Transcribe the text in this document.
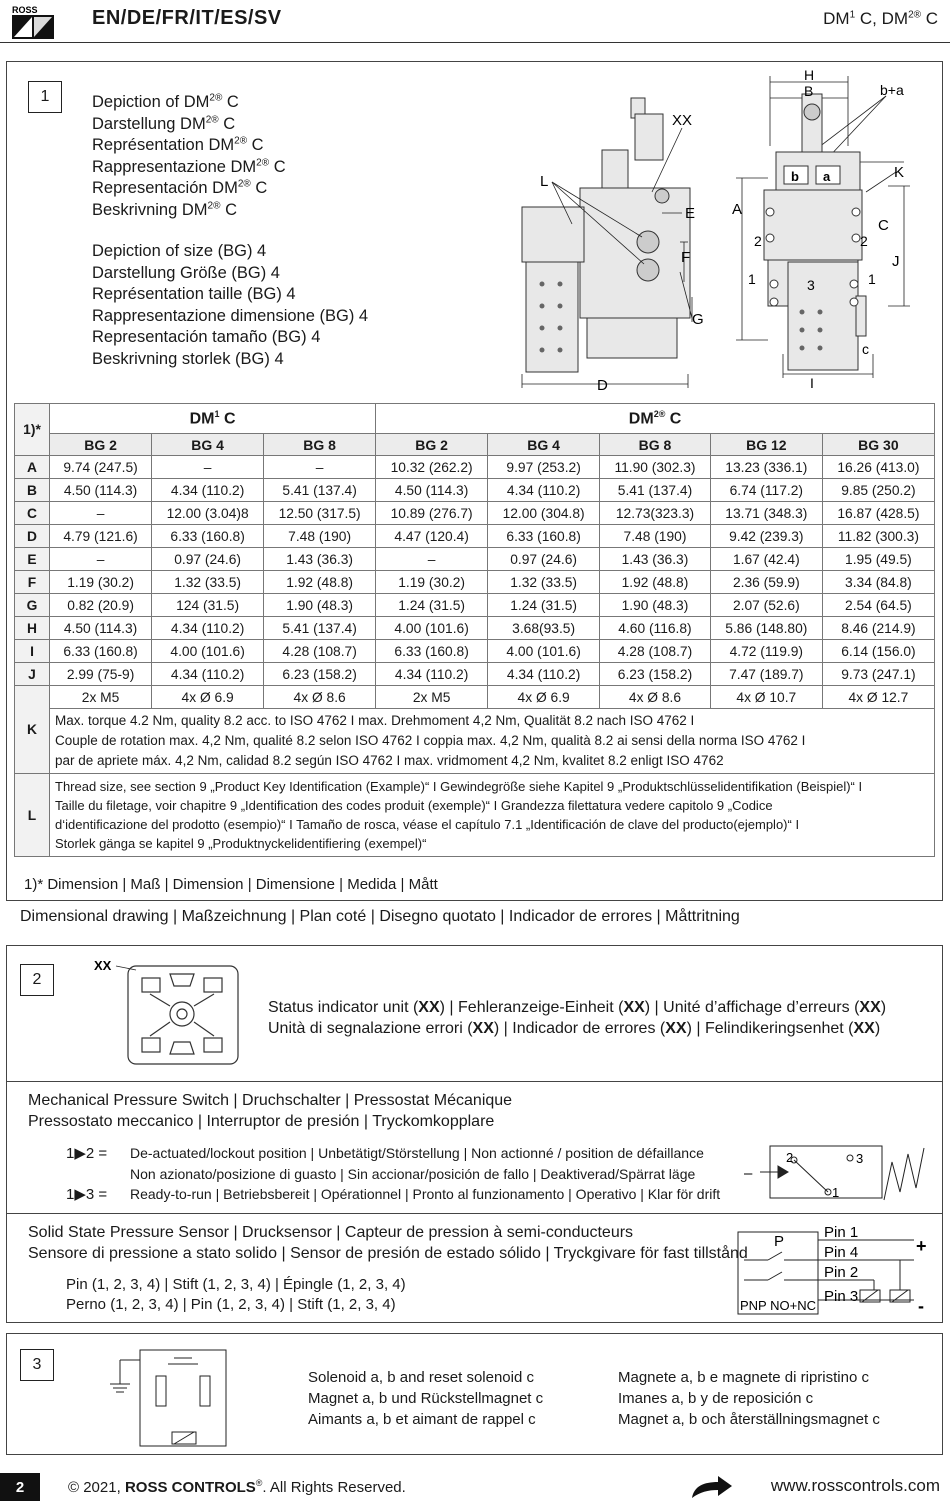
ROSS	EN/DE/FR/IT/ES/SV	$DM^1$ C, $DM^{2®}$ C
1	Depiction of $DM^{2®}$ C
Darstellung $DM^{2®}$ C
Représentation $DM^{2®}$ C
Rappresentazione $DM^{2®}$ C
Representación $DM^{2®}$ C
Beskrivning $DM^{2®}$ C
Depiction of size (BG) 4
Darstellung Größe (BG) 4
Représentation taille (BG) 4
Rappresentazione dimensione (BG) 4
Representación tamaño (BG) 4
Beskrivning storlek (BG) 4
XX
L
E
F
G
D
H
B	b+a
K
A
C
J
2	2
1	1
3
c
I
b a
1)*	$DM^1$ C			$DM^{2®}$ C				
	BG 2	BG 4	BG 8	BG 2	BG 4	BG 8	BG 12	BG 30
A	9.74 (247.5)	–	–	10.32 (262.2)	9.97 (253.2)	11.90 (302.3)	13.23 (336.1)	16.26 (413.0)
B	4.50 (114.3)	4.34 (110.2)	5.41 (137.4)	4.50 (114.3)	4.34 (110.2)	5.41 (137.4)	6.74 (117.2)	9.85 (250.2)
C	–	12.00 (3.04)8	12.50 (317.5)	10.89 (276.7)	12.00 (304.8)	12.73(323.3)	13.71 (348.3)	16.87 (428.5)
D	4.79 (121.6)	6.33 (160.8)	7.48 (190)	4.47 (120.4)	6.33 (160.8)	7.48 (190)	9.42 (239.3)	11.82 (300.3)
E	–	0.97 (24.6)	1.43 (36.3)	–	0.97 (24.6)	1.43 (36.3)	1.67 (42.4)	1.95 (49.5)
F	1.19 (30.2)	1.32 (33.5)	1.92 (48.8)	1.19 (30.2)	1.32 (33.5)	1.92 (48.8)	2.36 (59.9)	3.34 (84.8)
G	0.82 (20.9)	124 (31.5)	1.90 (48.3)	1.24 (31.5)	1.24 (31.5)	1.90 (48.3)	2.07 (52.6)	2.54 (64.5)
H	4.50 (114.3)	4.34 (110.2)	5.41 (137.4)	4.00 (101.6)	3.68(93.5)	4.60 (116.8)	5.86 (148.80)	8.46 (214.9)
I	6.33 (160.8)	4.00 (101.6)	4.28 (108.7)	6.33 (160.8)	4.00 (101.6)	4.28 (108.7)	4.72 (119.9)	6.14 (156.0)
J	2.99 (75-9)	4.34 (110.2)	6.23 (158.2)	4.34 (110.2)	4.34 (110.2)	6.23 (158.2)	7.47 (189.7)	9.73 (247.1)
K	2x M5	4x Ø 6.9	4x Ø 8.6	2x M5	4x Ø 6.9	4x Ø 8.6	4x Ø 10.7	4x Ø 12.7

	Max. torque 4.2 Nm, quality 8.2 acc. to ISO 4762 I max. Drehmoment 4,2 Nm, Qualität 8.2 nach ISO 4762 I
Couple de rotation max. 4,2 Nm, qualité 8.2 selon ISO 4762 I coppia max. 4,2 Nm, qualità 8.2 ai sensi della norma ISO 4762 I
par de apriete máx. 4,2 Nm, calidad 8.2 según ISO 4762 I max. vridmoment 4,2 Nm, kvalitet 8.2 enligt ISO 4762							

L	Thread size, see section 9 „Product Key Identification (Example)“ I Gewindegröße siehe Kapitel 9 „Produktschlüsselidentifikation (Beispiel)“ I
Taille du filetage, voir chapitre 9 „Identification des codes produit (exemple)“ I Grandezza filettatura vedere capitolo 9 „Codice
d‘identificazione del prodotto (esempio)“ I Tamaño de rosca, véase el capítulo 7.1 „Identificación de clave del producto(ejemplo)“ I
Storlek gänga se kapitel 9 „Produktnyckelidentifiering (exempel)“							
1)* Dimension | Maß | Dimension | Dimensione | Medida | Mått
Dimensional drawing | Maßzeichnung | Plan coté | Disegno quotato | Indicador de errores | Måttritning
2
XX
Status indicator unit (XX) | Fehleranzeige-Einheit (XX) | Unité d’affichage d’erreurs (XX)
Unità di segnalazione errori (XX) | Indicador de errores (XX) | Felindikeringsenhet (XX)
Mechanical Pressure Switch | Druchschalter | Pressostat Mécanique
Pressostato meccanico | Interruptor de presión | Tryckomkopplare
1▶2 = De-actuated/lockout position | Unbetätigt/Störstellung | Non actionné / position de défaillance
Non azionato/posizione di guasto | Sin accionar/posición de fallo | Deaktiverad/Spärrat läge
1▶3 = Ready-to-run | Betriebsbereit | Opérationnel | Pronto al funzionamento | Operativo | Klar för drift
–
2	3
1
Solid State Pressure Sensor | Drucksensor | Capteur de pression à semi-conducteurs
Sensore di pressione a stato solido | Sensor de presión de estado sólido | Tryckgivare för fast tillstånd
Pin (1, 2, 3, 4) | Stift (1, 2, 3, 4) | Épingle (1, 2, 3, 4)
Perno (1, 2, 3, 4) | Pin (1, 2, 3, 4) | Stift (1, 2, 3, 4)
P
Pin 1
Pin 4
Pin 2
Pin 3
+
-
PNP NO+NC
3
Solenoid a, b and reset solenoid c
Magnet a, b und Rückstellmagnet c
Aimants a, b et aimant de rappel c
Magnete a, b e magnete di ripristino c
Imanes a, b y de reposición c
Magnet a, b och återställningsmagnet c
2	© 2021, ROSS CONTROLS®. All Rights Reserved.	www.rosscontrols.com
